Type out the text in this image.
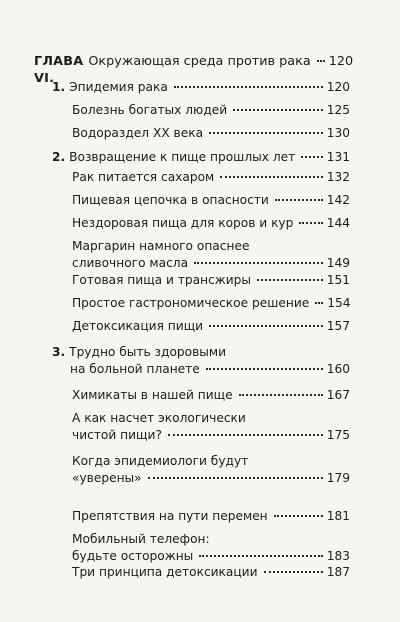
ГЛАВА VI.
Окружающая среда против рака 120
1. Эпидемия рака	120
Болезнь богатых людей	125
Водораздел XX века	130
2. Возвращение к пище прошлых лет	131
Рак питается сахаром	132
Пищевая цепочка в опасности	142
Нездоровая пища для коров и кур	144
Маргарин намного опаснее
сливочного масла	149
Готовая пища и трансжиры	151
Простое гастрономическое решение 154
Детоксикация пищи	157
3. Трудно быть здоровыми
на больной планете	160
Химикаты в нашей пище	167
А как насчет экологически
чистой пищи?	175
Когда эпидемиологи будут
«уверены»	179
Препятствия на пути перемен	181
Мобильный телефон:
будьте осторожны	183
Три принципа детоксикации	187
